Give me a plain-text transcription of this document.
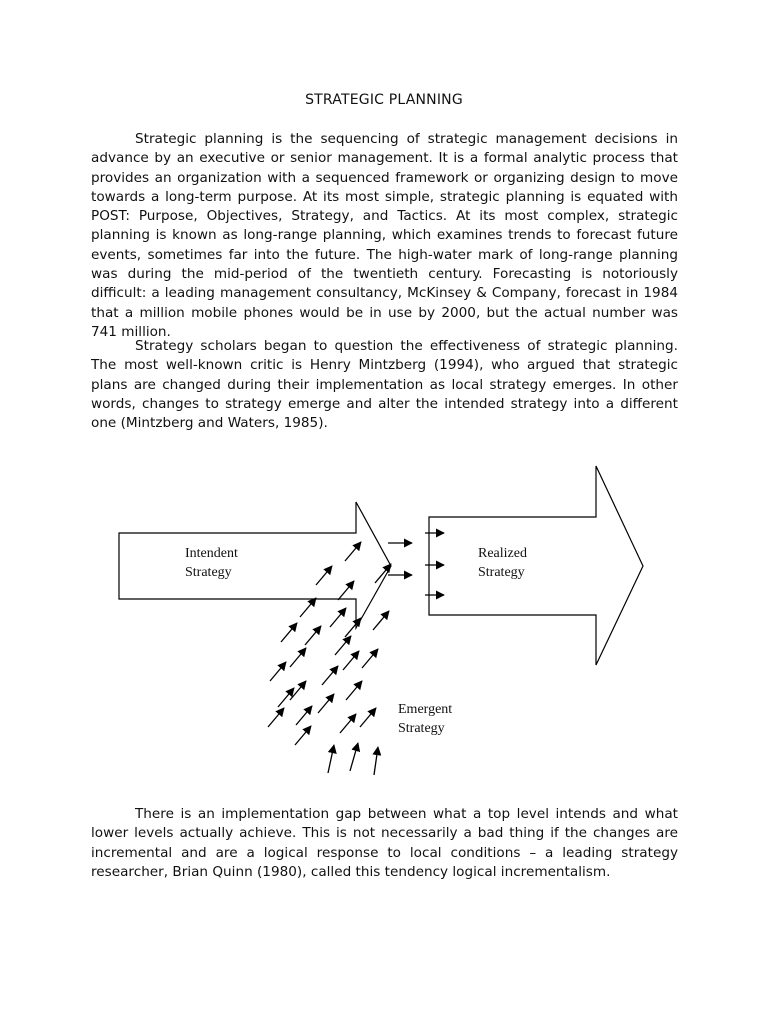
STRATEGIC PLANNING

Strategic planning is the sequencing of strategic management decisions in advance by an executive or senior management. It is a formal analytic process that provides an organization with a sequenced framework or organizing design to move towards a long-term purpose. At its most simple, strategic planning is equated with POST: Purpose, Objectives, Strategy, and Tactics. At its most complex, strategic planning is known as long-range planning, which examines trends to forecast future events, sometimes far into the future. The high-water mark of long-range planning was during the mid-period of the twentieth century. Forecasting is notoriously difficult: a leading management consultancy, McKinsey & Company, forecast in 1984 that a million mobile phones would be in use by 2000, but the actual number was 741 million.

Strategy scholars began to question the effectiveness of strategic planning. The most well-known critic is Henry Mintzberg (1994), who argued that strategic plans are changed during their implementation as local strategy emerges. In other words, changes to strategy emerge and alter the intended strategy into a different one (Mintzberg and Waters, 1985).

Intendent
Strategy
Realized
Strategy
Emergent
Strategy

There is an implementation gap between what a top level intends and what lower levels actually achieve. This is not necessarily a bad thing if the changes are incremental and are a logical response to local conditions – a leading strategy researcher, Brian Quinn (1980), called this tendency logical incrementalism.
